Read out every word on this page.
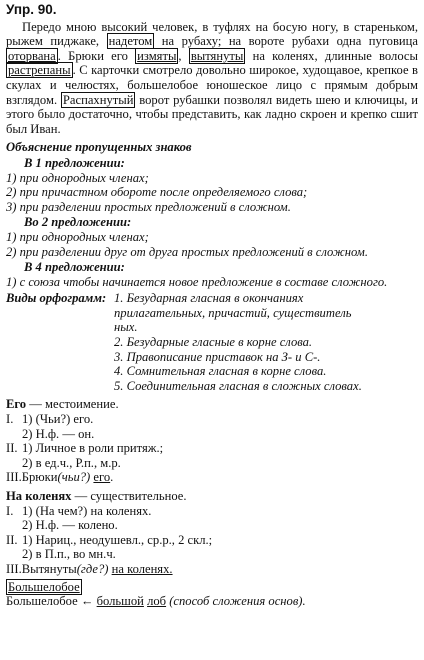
Упр. 90.

Передо мною высокий человек, в туфлях на босую ногу, в стареньком, рыжем пиджаке, надетом на рубаху; на вороте рубахи одна пуговица оторвана . Брюки его измяты , вытянуты на коленях, длинные волосы растрепаны . С карточки смотрело довольно широкое, худощавое, крепкое в скулах и челюстях, большелобое юношеское лицо с прямым добрым взглядом. Распахнутый ворот рубашки позволял видеть шею и ключицы, и этого было достаточно, чтобы представить, как ладно скроен и крепко сшит был Иван.

Объяснение пропущенных знаков
В 1 предложении:
1) при однородных членах;
2) при причастном обороте после определяемого слова;
3) при разделении простых предложений в сложном.
Во 2 предложении:
1) при однородных членах;
2) при разделении друг от друга простых предложений в сложном.
В 4 предложении:
1) с союза чтобы начинается новое предложение в составе сложного.
Виды орфограмм: 1. Безударная гласная в окончаниях
прилагательных, причастий, существитель
ных.
2. Безударные гласные в корне слова.
3. Правописание приставок на З- и С-.
4. Сомнительная гласная в корне слова.
5. Соединительная гласная в сложных словах.
Его — местоимение.
I. 1) (Чьи?) его.
2) Н.ф. — он.
II. 1) Личное в роли притяж.;
2) в ед.ч., Р.п., м.р.
III. Брюки (чьи?)
его .
На коленях — существительное.
I. 1) (На чем?) на коленях.
2) Н.ф. — колено.
II. 1) Нариц., неодушевл., ср.р., 2 скл.;
2) в П.п., во мн.ч.
III. Вытянуты (где?)
на коленях.
Большелобое
Большелобое ← большой лоб (способ сложения основ).
